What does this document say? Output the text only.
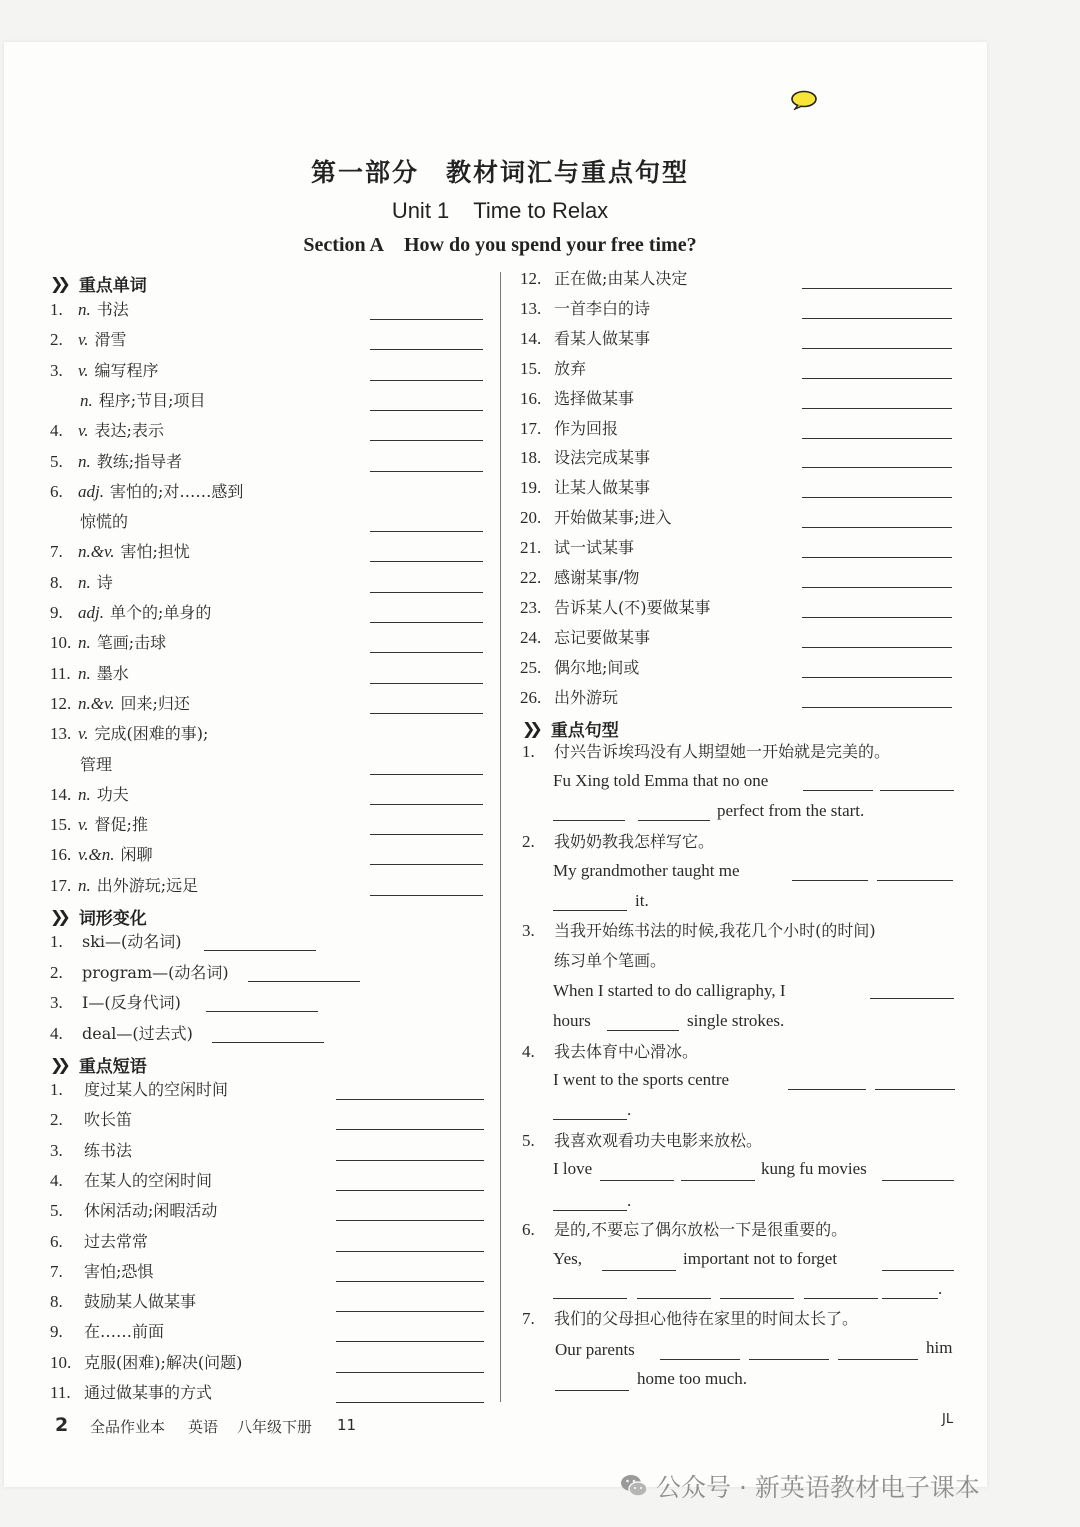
第一部分　教材词汇与重点句型
Unit 1 Time to Relax
Section A How do you spend your free time?
❯❯ 重点单词
1. n. 书法
2. v. 滑雪
3. v. 编写程序
n. 程序;节目;项目
4. v. 表达;表示
5. n. 教练;指导者
6. adj. 害怕的;对……感到
惊慌的
7. n.&v. 害怕;担忧
8. n. 诗
9. adj. 单个的;单身的
10. n. 笔画;击球
11. n. 墨水
12. n.&v. 回来;归还
13. v. 完成(困难的事);
管理
14. n. 功夫
15. v. 督促;推
16. v.&n. 闲聊
17. n. 出外游玩;远足
❯❯ 词形变化
1. ski—(动名词)
2. program—(动名词)
3. I—(反身代词)
4. deal—(过去式)
❯❯ 重点短语
1. 度过某人的空闲时间
2. 吹长笛
3. 练书法
4. 在某人的空闲时间
5. 休闲活动;闲暇活动
6. 过去常常
7. 害怕;恐惧
8. 鼓励某人做某事
9. 在……前面
10. 克服(困难);解决(问题)
11. 通过做某事的方式
12. 正在做;由某人决定
13. 一首李白的诗
14. 看某人做某事
15. 放弃
16. 选择做某事
17. 作为回报
18. 设法完成某事
19. 让某人做某事
20. 开始做某事;进入
21. 试一试某事
22. 感谢某事/物
23. 告诉某人(不)要做某事
24. 忘记要做某事
25. 偶尔地;间或
26. 出外游玩
❯❯ 重点句型
1. 付兴告诉埃玛没有人期望她一开始就是完美的。
2. 我奶奶教我怎样写它。
3. 当我开始练书法的时候,我花几个小时(的时间)
4. 我去体育中心滑冰。
5. 我喜欢观看功夫电影来放松。
6. 是的,不要忘了偶尔放松一下是很重要的。
7. 我们的父母担心他待在家里的时间太长了。
练习单个笔画。
Fu Xing told Emma that no one
perfect from the start.
My grandmother taught me
it.
When I started to do calligraphy, I
hours	single strokes.
I went to the sports centre
.
I love	kung fu movies
.
Yes,	important not to forget
.
Our parents	him
home too much.
2 全品作业本 英语 八年级下册 11	JL
公众号 · 新英语教材电子课本
